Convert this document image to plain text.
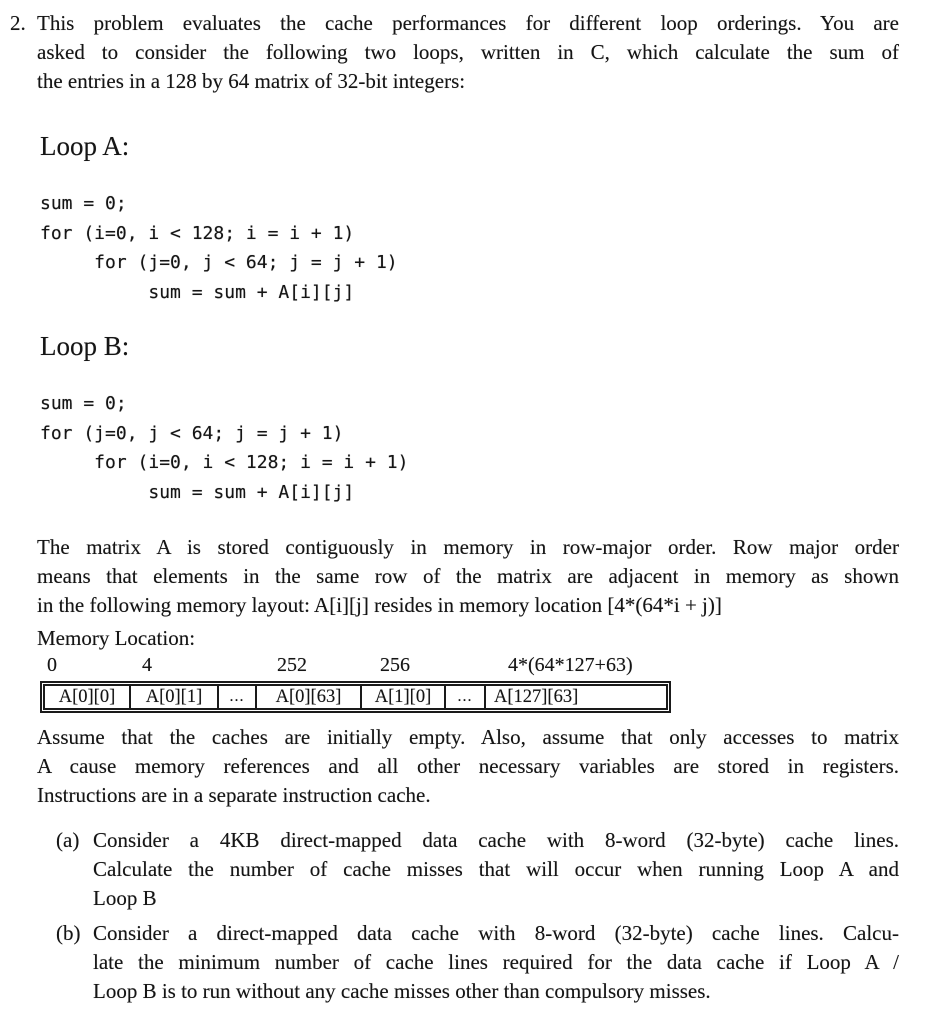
2. This problem evaluates the cache performances for different loop orderings. You are
asked to consider the following two loops, written in C, which calculate the sum of
the entries in a 128 by 64 matrix of 32-bit integers:
Loop A:
sum = 0;
for (i=0, i < 128; i = i + 1)
for (j=0, j < 64; j = j + 1)
sum = sum + A[i][j]
Loop B:
sum = 0;
for (j=0, j < 64; j = j + 1)
for (i=0, i < 128; i = i + 1)
sum = sum + A[i][j]
The matrix A is stored contiguously in memory in row-major order. Row major order
means that elements in the same row of the matrix are adjacent in memory as shown
in the following memory layout: A[i][j] resides in memory location [4*(64*i + j)]
Memory Location:
0	4	252	256	4*(64*127+63)
A[0][0]	A[0][1]	...	A[0][63]	A[1][0]	...	A[127][63]
Assume that the caches are initially empty. Also, assume that only accesses to matrix
A cause memory references and all other necessary variables are stored in registers.
Instructions are in a separate instruction cache.
(a) Consider a 4KB direct-mapped data cache with 8-word (32-byte) cache lines.
Calculate the number of cache misses that will occur when running Loop A and
Loop B
(b) Consider a direct-mapped data cache with 8-word (32-byte) cache lines. Calcu-
late the minimum number of cache lines required for the data cache if Loop A /
Loop B is to run without any cache misses other than compulsory misses.
